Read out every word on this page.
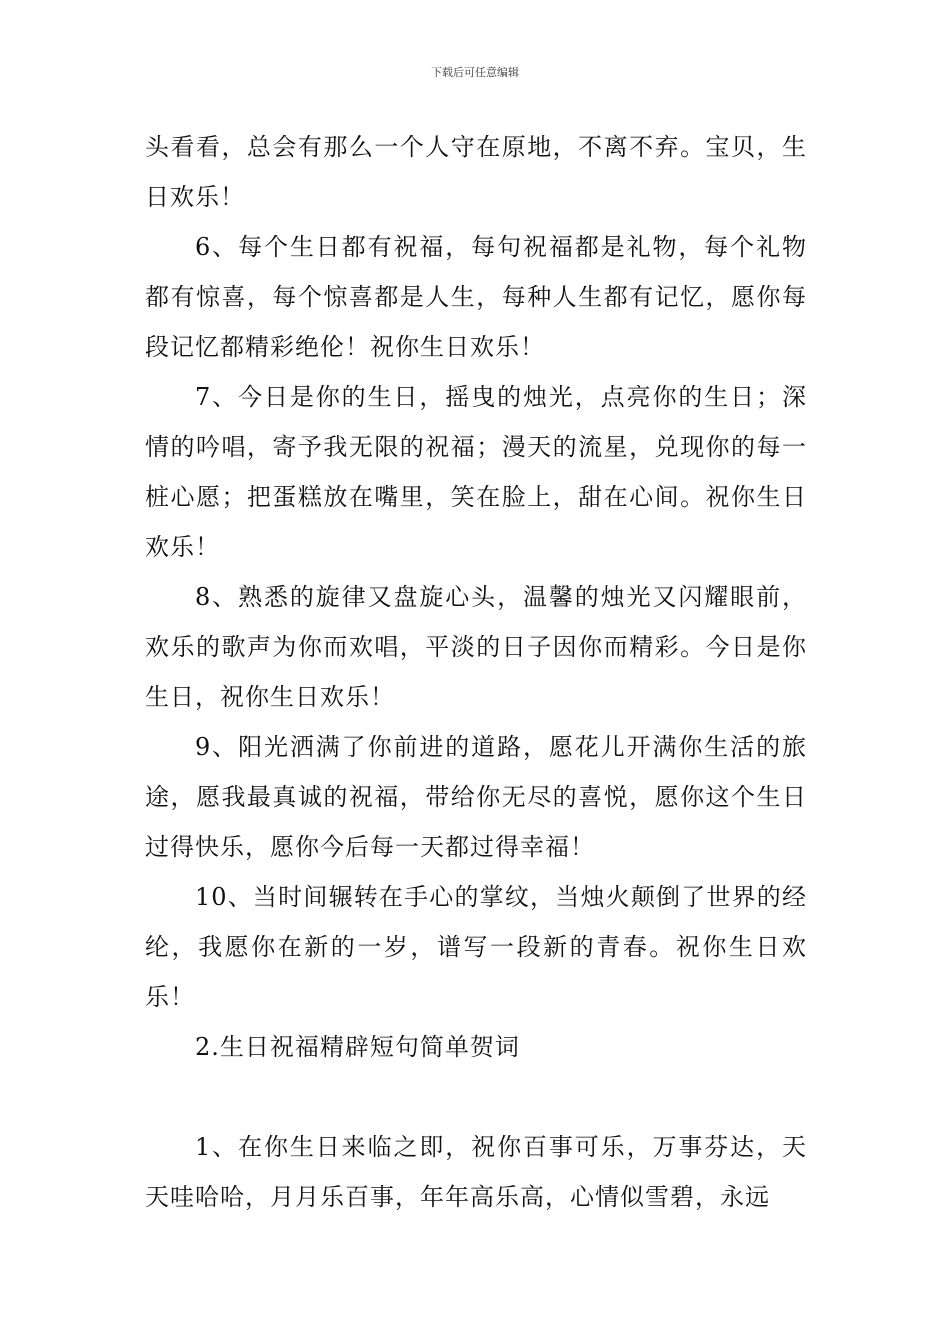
下载后可任意编辑

头看看，总会有那么一个人守在原地，不离不弃。宝贝，生日欢乐！

6、每个生日都有祝福，每句祝福都是礼物，每个礼物都有惊喜，每个惊喜都是人生，每种人生都有记忆，愿你每段记忆都精彩绝伦！祝你生日欢乐！

7、今日是你的生日，摇曳的烛光，点亮你的生日；深情的吟唱，寄予我无限的祝福；漫天的流星，兑现你的每一桩心愿；把蛋糕放在嘴里，笑在脸上，甜在心间。祝你生日欢乐！

8、熟悉的旋律又盘旋心头，温馨的烛光又闪耀眼前，欢乐的歌声为你而欢唱，平淡的日子因你而精彩。今日是你生日，祝你生日欢乐！

9、阳光洒满了你前进的道路，愿花儿开满你生活的旅途，愿我最真诚的祝福，带给你无尽的喜悦，愿你这个生日过得快乐，愿你今后每一天都过得幸福！

10、当时间辗转在手心的掌纹，当烛火颠倒了世界的经纶，我愿你在新的一岁，谱写一段新的青春。祝你生日欢乐！

2.生日祝福精辟短句简单贺词

1、在你生日来临之即，祝你百事可乐，万事芬达，天天哇哈哈，月月乐百事，年年高乐高，心情似雪碧，永远
